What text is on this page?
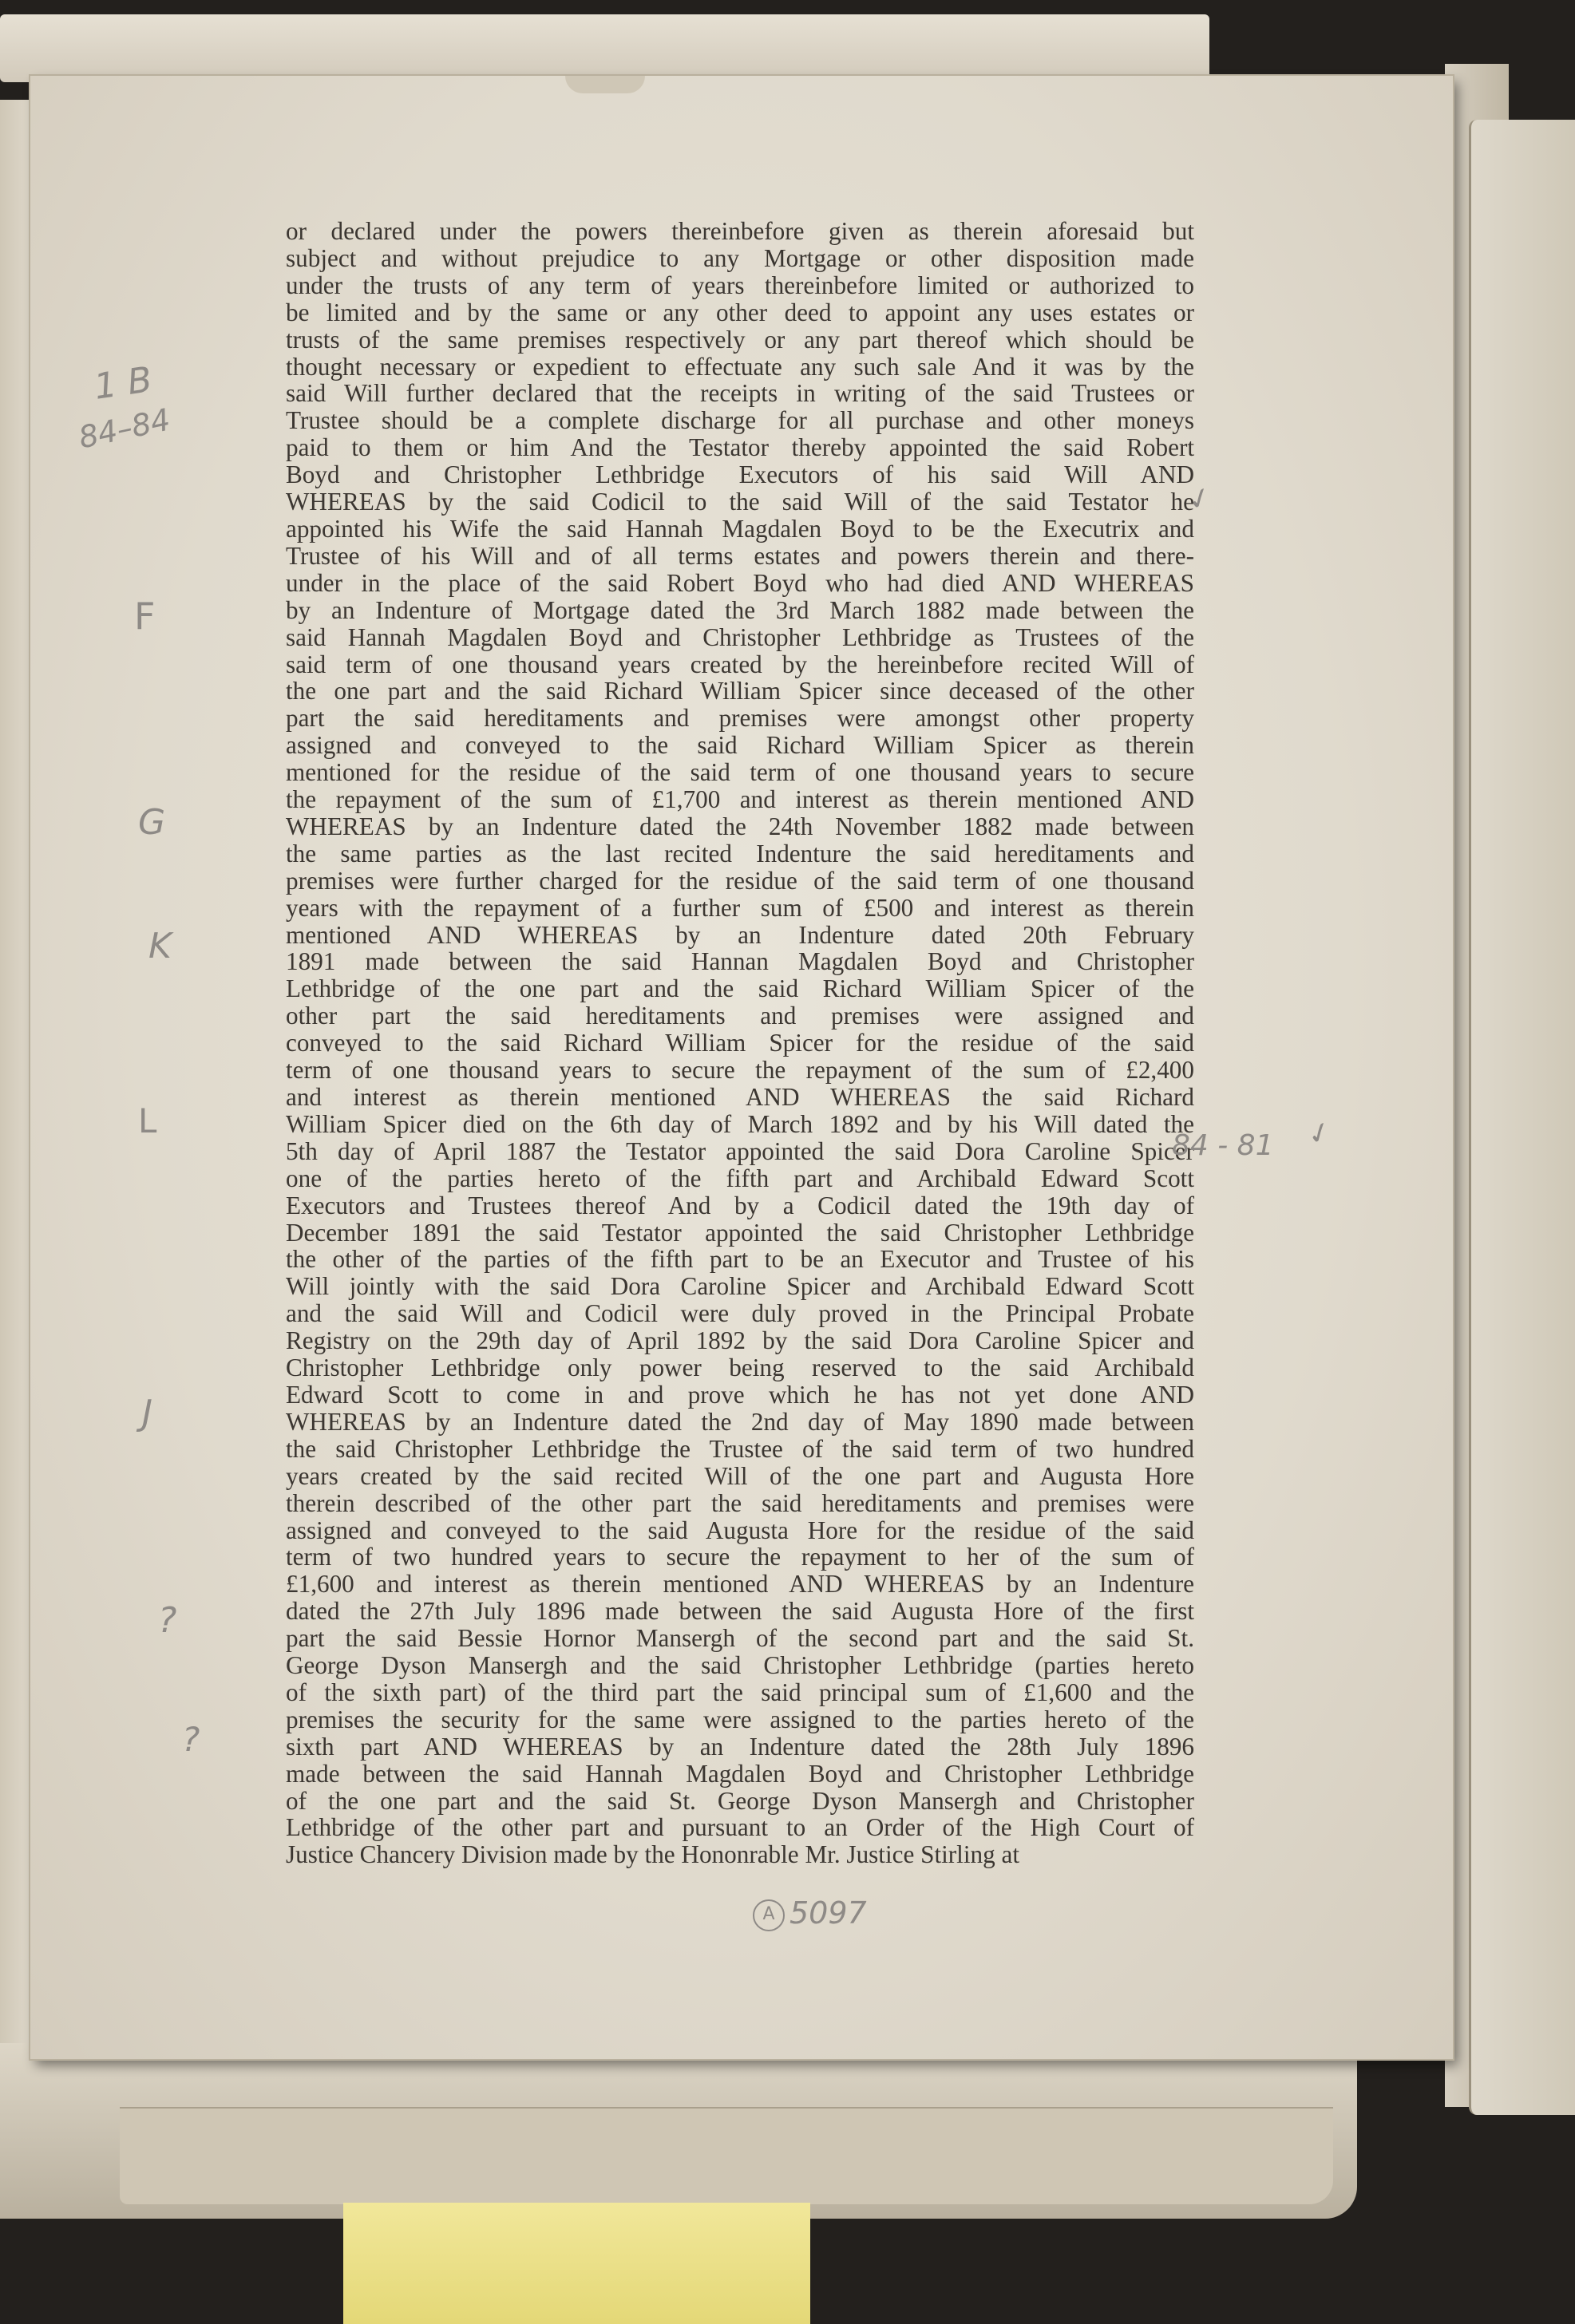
or declared under the powers thereinbefore given as therein aforesaid but
subject and without prejudice to any Mortgage or other disposition made
under the trusts of any term of years thereinbefore limited or authorized to
be limited and by the same or any other deed to appoint any uses estates or
trusts of the same premises respectively or any part thereof which should be
thought necessary or expedient to effectuate any such sale And it was by the
said Will further declared that the receipts in writing of the said Trustees or
Trustee should be a complete discharge for all purchase and other moneys
paid to them or him And the Testator thereby appointed the said Robert
Boyd and Christopher Lethbridge Executors of his said Will AND
WHEREAS by the said Codicil to the said Will of the said Testator he
appointed his Wife the said Hannah Magdalen Boyd to be the Executrix and
Trustee of his Will and of all terms estates and powers therein and there-
under in the place of the said Robert Boyd who had died AND WHEREAS
by an Indenture of Mortgage dated the 3rd March 1882 made between the
said Hannah Magdalen Boyd and Christopher Lethbridge as Trustees of the
said term of one thousand years created by the hereinbefore recited Will of
the one part and the said Richard William Spicer since deceased of the other
part the said hereditaments and premises were amongst other property
assigned and conveyed to the said Richard William Spicer as therein
mentioned for the residue of the said term of one thousand years to secure
the repayment of the sum of £1,700 and interest as therein mentioned AND
WHEREAS by an Indenture dated the 24th November 1882 made between
the same parties as the last recited Indenture the said hereditaments and
premises were further charged for the residue of the said term of one thousand
years with the repayment of a further sum of £500 and interest as therein
mentioned AND WHEREAS by an Indenture dated 20th February
1891 made between the said Hannan Magdalen Boyd and Christopher
Lethbridge of the one part and the said Richard William Spicer of the
other part the said hereditaments and premises were assigned and
conveyed to the said Richard William Spicer for the residue of the said
term of one thousand years to secure the repayment of the sum of £2,400
and interest as therein mentioned AND WHEREAS the said Richard
William Spicer died on the 6th day of March 1892 and by his Will dated the
5th day of April 1887 the Testator appointed the said Dora Caroline Spicer
one of the parties hereto of the fifth part and Archibald Edward Scott
Executors and Trustees thereof And by a Codicil dated the 19th day of
December 1891 the said Testator appointed the said Christopher Lethbridge
the other of the parties of the fifth part to be an Executor and Trustee of his
Will jointly with the said Dora Caroline Spicer and Archibald Edward Scott
and the said Will and Codicil were duly proved in the Principal Probate
Registry on the 29th day of April 1892 by the said Dora Caroline Spicer and
Christopher Lethbridge only power being reserved to the said Archibald
Edward Scott to come in and prove which he has not yet done AND
WHEREAS by an Indenture dated the 2nd day of May 1890 made between
the said Christopher Lethbridge the Trustee of the said term of two hundred
years created by the said recited Will of the one part and Augusta Hore
therein described of the other part the said hereditaments and premises were
assigned and conveyed to the said Augusta Hore for the residue of the said
term of two hundred years to secure the repayment to her of the sum of
£1,600 and interest as therein mentioned AND WHEREAS by an Indenture
dated the 27th July 1896 made between the said Augusta Hore of the first
part the said Bessie Hornor Mansergh of the second part and the said St.
George Dyson Mansergh and the said Christopher Lethbridge (parties hereto
of the sixth part) of the third part the said principal sum of £1,600 and the
premises the security for the same were assigned to the parties hereto of the
sixth part AND WHEREAS by an Indenture dated the 28th July 1896
made between the said Hannah Magdalen Boyd and Christopher Lethbridge
of the one part and the said St. George Dyson Mansergh and Christopher
Lethbridge of the other part and pursuant to an Order of the High Court of
Justice Chancery Division made by the Hononrable Mr. Justice Stirling at
1 B
84–84
F
G
K
L
J
?
?
84 - 81
✓
✓
A 5097
